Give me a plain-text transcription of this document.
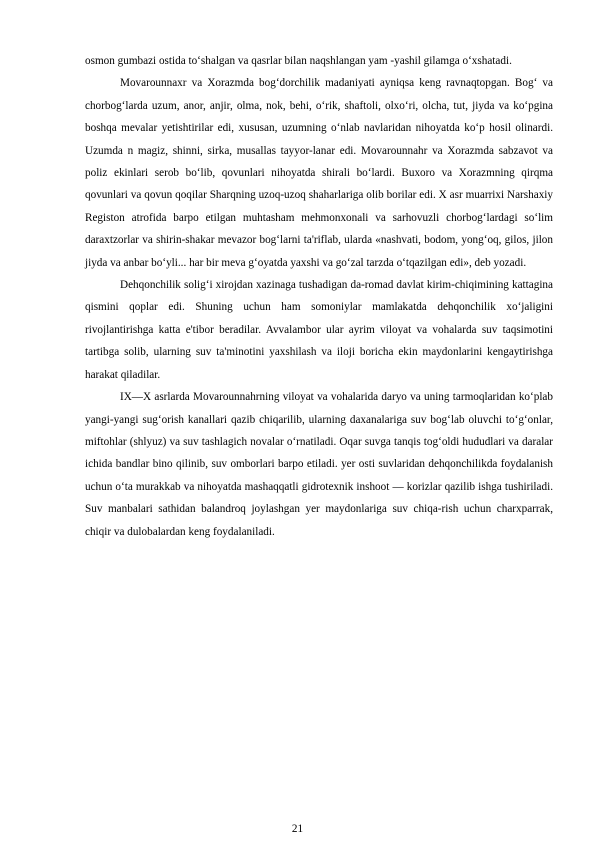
osmon gumbazi ostida to‘shalgan va qasrlar bilan naqshlangan yam -yashil gilamga o‘xshatadi.

Movarounnaxr va Xorazmda bog‘dorchilik madaniyati ayniqsa keng ravnaqtopgan. Bog‘ va chorbog‘larda uzum, anor, anjir, olma, nok, behi, o‘rik, shaftoli, olxo‘ri, olcha, tut, jiyda va ko‘pgina boshqa mevalar yetishtirilar edi, xususan, uzumning o‘nlab navlaridan nihoyatda ko‘p hosil olinardi. Uzumda n magiz, shinni, sirka, musallas tayyor-lanar edi. Movarounnahr va Xorazmda sabzavot va poliz ekinlari serob bo‘lib, qovunlari nihoyatda shirali bo‘lardi. Buxoro va Xorazmning qirqma qovunlari va qovun qoqilar Sharqning uzoq-uzoq shaharlariga olib borilar edi. X asr muarrixi Narshaxiy Registon atrofida barpo etilgan muhtasham mehmonxonali va sarhovuzli chorbog‘lardagi so‘lim daraxtzorlar va shirin-shakar mevazor bog‘larni ta'riflab, ularda «nashvati, bodom, yong‘oq, gilos, jilon jiyda va anbar bo‘yli... har bir meva g‘oyatda yaxshi va go‘zal tarzda o‘tqazilgan edi», deb yozadi.

Dehqonchilik solig‘i xirojdan xazinaga tushadigan da-romad davlat kirim-chiqimining kattagina qismini qoplar edi. Shuning uchun ham somoniylar mamlakatda dehqonchilik xo‘jaligini rivojlantirishga katta e'tibor beradilar. Avvalambor ular ayrim viloyat va vohalarda suv taqsimotini tartibga solib, ularning suv ta'minotini yaxshilash va iloji boricha ekin maydonlarini kengaytirishga harakat qiladilar.

IX—X asrlarda Movarounnahrning viloyat va vohalarida daryo va uning tarmoqlaridan ko‘plab yangi-yangi sug‘orish kanallari qazib chiqarilib, ularning daxanalariga suv bog‘lab oluvchi to‘g‘onlar, miftohlar (shlyuz) va suv tashlagich novalar o‘rnatiladi. Oqar suvga tanqis tog‘oldi hududlari va daralar ichida bandlar bino qilinib, suv omborlari barpo etiladi. yer osti suvlaridan dehqonchilikda foydalanish uchun o‘ta murakkab va nihoyatda mashaqqatli gidrotexnik inshoot — korizlar qazilib ishga tushiriladi. Suv manbalari sathidan balandroq joylashgan yer maydonlariga suv chiqa-rish uchun charxparrak, chiqir va dulobalardan keng foydalaniladi.

21
